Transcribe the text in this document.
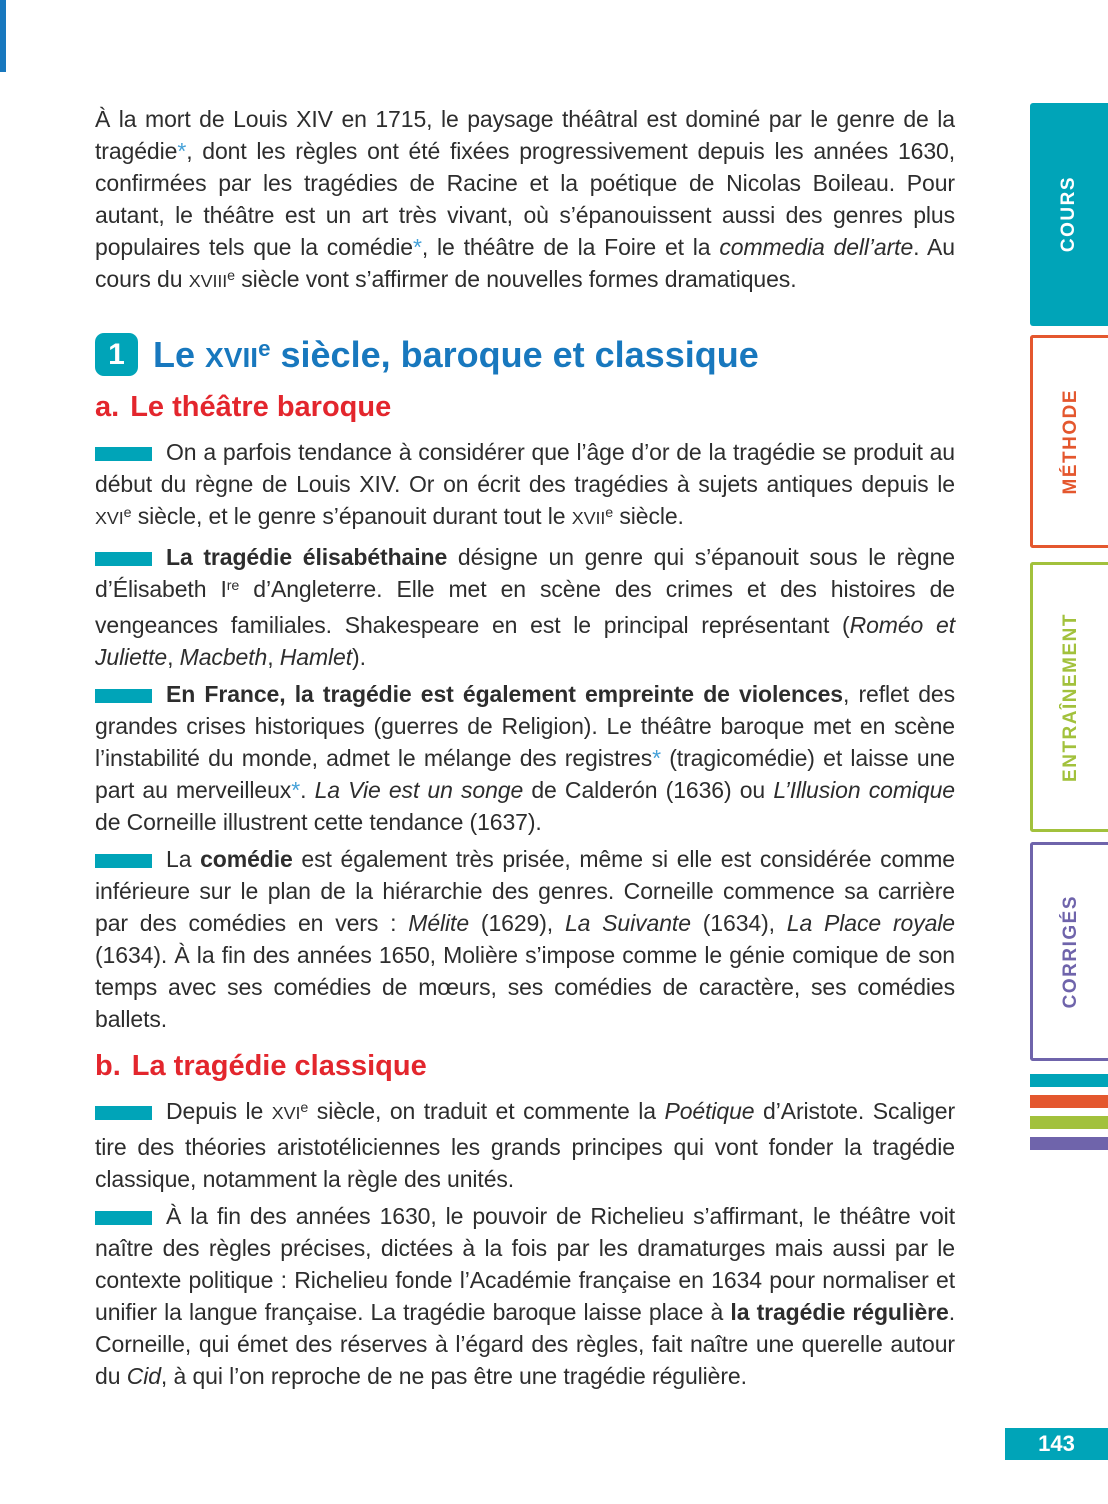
À la mort de Louis XIV en 1715, le paysage théâtral est dominé par le genre de la tragédie*, dont les règles ont été fixées progressivement depuis les années 1630, confirmées par les tragédies de Racine et la poétique de Nicolas Boileau. Pour autant, le théâtre est un art très vivant, où s’épanouissent aussi des genres plus populaires tels que la comédie*, le théâtre de la Foire et la commedia dell’arte. Au cours du XVIIIe siècle vont s’affirmer de nouvelles formes dramatiques.

1 Le XVIIe siècle, baroque et classique
a. Le théâtre baroque

On a parfois tendance à considérer que l’âge d’or de la tragédie se produit au début du règne de Louis XIV. Or on écrit des tragédies à sujets antiques depuis le XVIe siècle, et le genre s’épanouit durant tout le XVIIe siècle.

La tragédie élisabéthaine désigne un genre qui s’épanouit sous le règne d’Élisabeth Ire d’Angleterre. Elle met en scène des crimes et des histoires de vengeances familiales. Shakespeare en est le principal représentant (Roméo et Juliette, Macbeth, Hamlet).

En France, la tragédie est également empreinte de violences, reflet des grandes crises historiques (guerres de Religion). Le théâtre baroque met en scène l’instabilité du monde, admet le mélange des registres* (tragicomédie) et laisse une part au merveilleux*. La Vie est un songe de Calderón (1636) ou L’Illusion comique de Corneille illustrent cette tendance (1637).

La comédie est également très prisée, même si elle est considérée comme inférieure sur le plan de la hiérarchie des genres. Corneille commence sa carrière par des comédies en vers : Mélite (1629), La Suivante (1634), La Place royale (1634). À la fin des années 1650, Molière s’impose comme le génie comique de son temps avec ses comédies de mœurs, ses comédies de caractère, ses comédies ballets.

b. La tragédie classique

Depuis le XVIe siècle, on traduit et commente la Poétique d’Aristote. Scaliger tire des théories aristotéliciennes les grands principes qui vont fonder la tragédie classique, notamment la règle des unités.

À la fin des années 1630, le pouvoir de Richelieu s’affirmant, le théâtre voit naître des règles précises, dictées à la fois par les dramaturges mais aussi par le contexte politique : Richelieu fonde l’Académie française en 1634 pour normaliser et unifier la langue française. La tragédie baroque laisse place à la tragédie régulière. Corneille, qui émet des réserves à l’égard des règles, fait naître une querelle autour du Cid, à qui l’on reproche de ne pas être une tragédie régulière.

COURS
MÉTHODE
ENTRAÎNEMENT
CORRIGÉS
143
